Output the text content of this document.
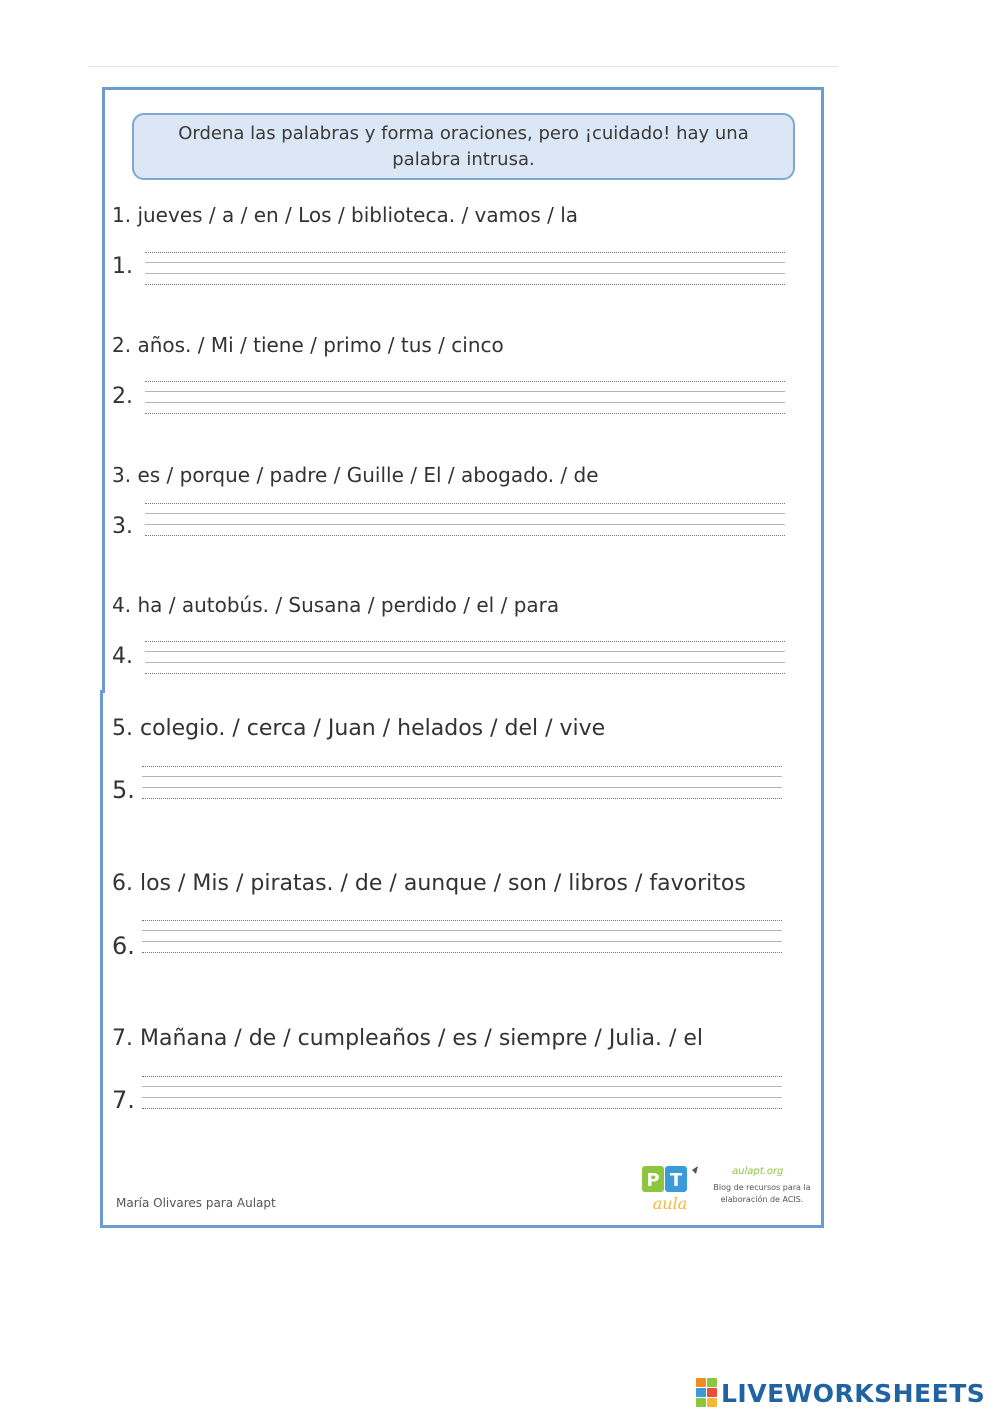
Ordena las palabras y forma oraciones, pero ¡cuidado! hay una palabra intrusa.
1. jueves / a / en / Los / biblioteca. / vamos / la
1.
2. años. / Mi / tiene / primo / tus / cinco
2.
3. es / porque / padre / Guille / El / abogado. / de
3.
4. ha / autobús. / Susana / perdido / el / para
4.
5. colegio. / cerca / Juan / helados / del / vive
5.
6. los / Mis / piratas. / de / aunque / son / libros / favoritos
6.
7. Mañana / de / cumpleaños / es / siempre / Julia. / el
7.
María Olivares para Aulapt
P T
aula
aulapt.org
Blog de recursos para la elaboración de ACIS.
LIVEWORKSHEETS
